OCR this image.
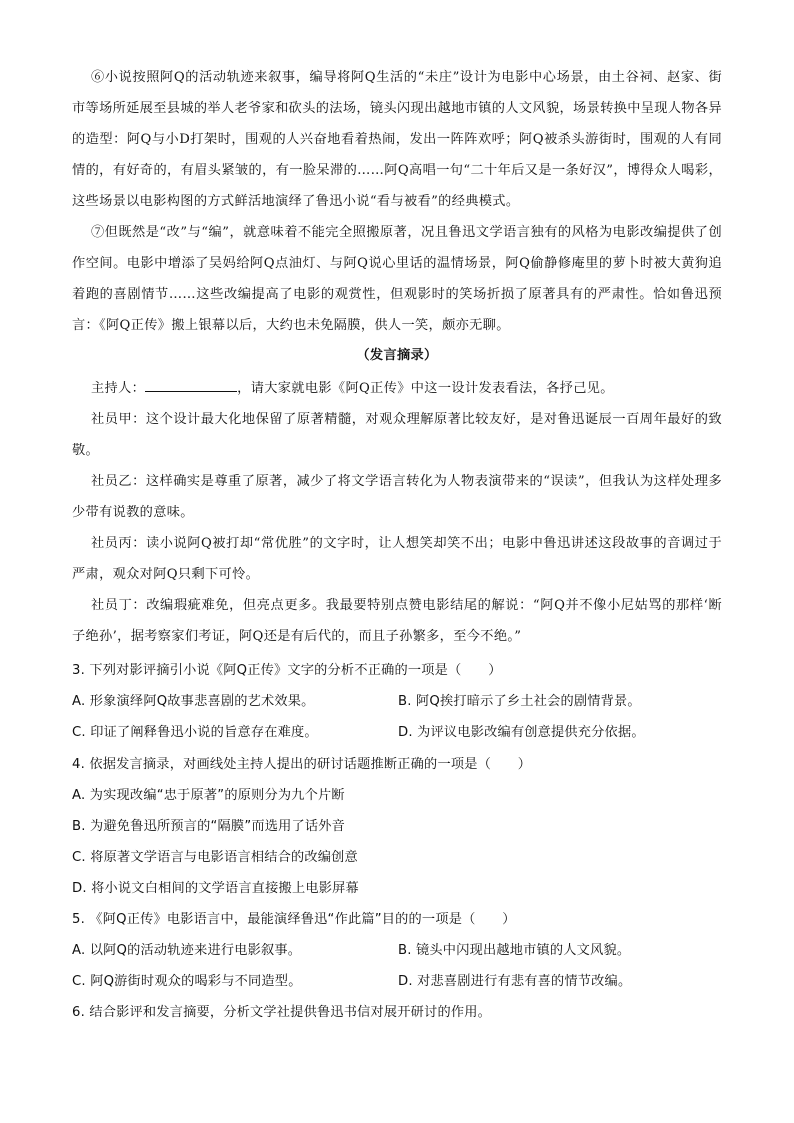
⑥小说按照阿Q的活动轨迹来叙事，编导将阿Q生活的“未庄”设计为电影中心场景，由土谷祠、赵家、街市等场所延展至县城的举人老爷家和砍头的法场，镜头闪现出越地市镇的人文风貌，场景转换中呈现人物各异的造型：阿Q与小D打架时，围观的人兴奋地看着热闹，发出一阵阵欢呼；阿Q被杀头游街时，围观的人有同情的，有好奇的，有眉头紧皱的，有一脸呆滞的……阿Q高唱一句“二十年后又是一条好汉”，博得众人喝彩，这些场景以电影构图的方式鲜活地演绎了鲁迅小说“看与被看”的经典模式。
⑦但既然是“改”与“编”，就意味着不能完全照搬原著，况且鲁迅文学语言独有的风格为电影改编提供了创作空间。电影中增添了吴妈给阿Q点油灯、与阿Q说心里话的温情场景，阿Q偷静修庵里的萝卜时被大黄狗追着跑的喜剧情节……这些改编提高了电影的观赏性，但观影时的笑场折损了原著具有的严肃性。恰如鲁迅预言：《阿Q正传》搬上银幕以后，大约也未免隔膜，供人一笑，颇亦无聊。
（发言摘录）
主持人：	，请大家就电影《阿Q正传》中这一设计发表看法，各抒己见。
社员甲：这个设计最大化地保留了原著精髓，对观众理解原著比较友好，是对鲁迅诞辰一百周年最好的致敬。
社员乙：这样确实是尊重了原著，减少了将文学语言转化为人物表演带来的“误读”，但我认为这样处理多少带有说教的意味。
社员丙：读小说阿Q被打却“常优胜”的文字时，让人想笑却笑不出；电影中鲁迅讲述这段故事的音调过于严肃，观众对阿Q只剩下可怜。
社员丁：改编瑕疵难免，但亮点更多。我最要特别点赞电影结尾的解说：“阿Q并不像小尼姑骂的那样‘断子绝孙’，据考察家们考证，阿Q还是有后代的，而且子孙繁多，至今不绝。”
3. 下列对影评摘引小说《阿Q正传》文字的分析不正确的一项是（　　）
A. 形象演绎阿Q故事悲喜剧的艺术效果。	B. 阿Q挨打暗示了乡土社会的剧情背景。
C. 印证了阐释鲁迅小说的旨意存在难度。	D. 为评议电影改编有创意提供充分依据。
4. 依据发言摘录，对画线处主持人提出的研讨话题推断正确的一项是（　　）
A. 为实现改编“忠于原著”的原则分为九个片断
B. 为避免鲁迅所预言的“隔膜”而选用了话外音
C. 将原著文学语言与电影语言相结合的改编创意
D. 将小说文白相间的文学语言直接搬上电影屏幕
5. 《阿Q正传》电影语言中，最能演绎鲁迅“作此篇”目的的一项是（　　）
A. 以阿Q的活动轨迹来进行电影叙事。	B. 镜头中闪现出越地市镇的人文风貌。
C. 阿Q游街时观众的喝彩与不同造型。	D. 对悲喜剧进行有悲有喜的情节改编。
6. 结合影评和发言摘要，分析文学社提供鲁迅书信对展开研讨的作用。
